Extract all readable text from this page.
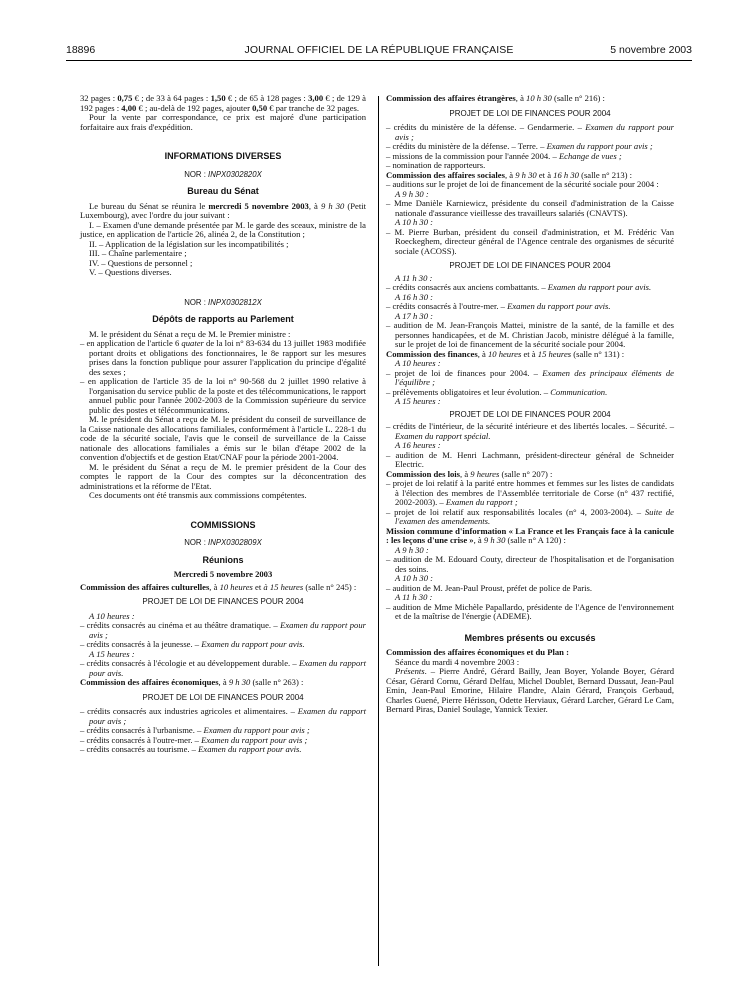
18896	JOURNAL OFFICIEL DE LA RÉPUBLIQUE FRANÇAISE	5 novembre 2003

32 pages : 0,75 € ; de 33 à 64 pages : 1,50 € ; de 65 à 128 pages : 3,00 € ; de 129 à 192 pages : 4,00 € ; au-delà de 192 pages, ajouter 0,50 € par tranche de 32 pages.

Pour la vente par correspondance, ce prix est majoré d'une participation forfaitaire aux frais d'expédition.

INFORMATIONS DIVERSES

NOR : INPX0302820X

Bureau du Sénat

Le bureau du Sénat se réunira le mercredi 5 novembre 2003, à 9 h 30 (Petit Luxembourg), avec l'ordre du jour suivant :

I. – Examen d'une demande présentée par M. le garde des sceaux, ministre de la justice, en application de l'article 26, alinéa 2, de la Constitution ;

II. – Application de la législation sur les incompatibilités ;

III. – Chaîne parlementaire ;

IV. – Questions de personnel ;

V. – Questions diverses.

NOR : INPX0302812X

Dépôts de rapports au Parlement

M. le président du Sénat a reçu de M. le Premier ministre :

– en application de l'article 6 quater de la loi n° 83-634 du 13 juillet 1983 modifiée portant droits et obligations des fonctionnaires, le 8e rapport sur les mesures prises dans la fonction publique pour assurer l'application du principe d'égalité des sexes ;

– en application de l'article 35 de la loi n° 90-568 du 2 juillet 1990 relative à l'organisation du service public de la poste et des télécommunications, le rapport annuel public pour l'année 2002-2003 de la Commission supérieure du service public des postes et télécommunications.

M. le président du Sénat a reçu de M. le président du conseil de surveillance de la Caisse nationale des allocations familiales, conformément à l'article L. 228-1 du code de la sécurité sociale, l'avis que le conseil de surveillance de la Caisse nationale des allocations familiales a émis sur le bilan d'étape 2002 de la convention d'objectifs et de gestion Etat/CNAF pour la période 2001-2004.

M. le président du Sénat a reçu de M. le premier président de la Cour des comptes le rapport de la Cour des comptes sur la déconcentration des administrations et la réforme de l'Etat.

Ces documents ont été transmis aux commissions compétentes.

COMMISSIONS

NOR : INPX0302809X

Réunions

Mercredi 5 novembre 2003

Commission des affaires culturelles, à 10 heures et à 15 heures (salle n° 245) :

PROJET DE LOI DE FINANCES POUR 2004

A 10 heures :

– crédits consacrés au cinéma et au théâtre dramatique. – Examen du rapport pour avis ;

– crédits consacrés à la jeunesse. – Examen du rapport pour avis.

A 15 heures :

– crédits consacrés à l'écologie et au développement durable. – Examen du rapport pour avis.

Commission des affaires économiques, à 9 h 30 (salle n° 263) :

PROJET DE LOI DE FINANCES POUR 2004

– crédits consacrés aux industries agricoles et alimentaires. – Examen du rapport pour avis ;

– crédits consacrés à l'urbanisme. – Examen du rapport pour avis ;

– crédits consacrés à l'outre-mer. – Examen du rapport pour avis ;

– crédits consacrés au tourisme. – Examen du rapport pour avis.

Commission des affaires étrangères, à 10 h 30 (salle n° 216) :

PROJET DE LOI DE FINANCES POUR 2004

– crédits du ministère de la défense. – Gendarmerie. – Examen du rapport pour avis ;

– crédits du ministère de la défense. – Terre. – Examen du rapport pour avis ;

– missions de la commission pour l'année 2004. – Echange de vues ;

– nomination de rapporteurs.

Commission des affaires sociales, à 9 h 30 et à 16 h 30 (salle n° 213) :

– auditions sur le projet de loi de financement de la sécurité sociale pour 2004 :

A 9 h 30 :

– Mme Danièle Karniewicz, présidente du conseil d'administration de la Caisse nationale d'assurance vieillesse des travailleurs salariés (CNAVTS).

A 10 h 30 :

– M. Pierre Burban, président du conseil d'administration, et M. Frédéric Van Roeckeghem, directeur général de l'Agence centrale des organismes de sécurité sociale (ACOSS).

PROJET DE LOI DE FINANCES POUR 2004

A 11 h 30 :

– crédits consacrés aux anciens combattants. – Examen du rapport pour avis.

A 16 h 30 :

– crédits consacrés à l'outre-mer. – Examen du rapport pour avis.

A 17 h 30 :

– audition de M. Jean-François Mattei, ministre de la santé, de la famille et des personnes handicapées, et de M. Christian Jacob, ministre délégué à la famille, sur le projet de loi de financement de la sécurité sociale pour 2004.

Commission des finances, à 10 heures et à 15 heures (salle n° 131) :

A 10 heures :

– projet de loi de finances pour 2004. – Examen des principaux éléments de l'équilibre ;

– prélèvements obligatoires et leur évolution. – Communication.

A 15 heures :

PROJET DE LOI DE FINANCES POUR 2004

– crédits de l'intérieur, de la sécurité intérieure et des libertés locales. – Sécurité. – Examen du rapport spécial.

A 16 heures :

– audition de M. Henri Lachmann, président-directeur général de Schneider Electric.

Commission des lois, à 9 heures (salle n° 207) :

– projet de loi relatif à la parité entre hommes et femmes sur les listes de candidats à l'élection des membres de l'Assemblée territoriale de Corse (n° 437 rectifié, 2002-2003). – Examen du rapport ;

– projet de loi relatif aux responsabilités locales (n° 4, 2003-2004). – Suite de l'examen des amendements.

Mission commune d'information « La France et les Français face à la canicule : les leçons d'une crise », à 9 h 30 (salle n° A 120) :

A 9 h 30 :

– audition de M. Edouard Couty, directeur de l'hospitalisation et de l'organisation des soins.

A 10 h 30 :

– audition de M. Jean-Paul Proust, préfet de police de Paris.

A 11 h 30 :

– audition de Mme Michèle Papallardo, présidente de l'Agence de l'environnement et de la maîtrise de l'énergie (ADEME).

Membres présents ou excusés

Commission des affaires économiques et du Plan :

Séance du mardi 4 novembre 2003 :

Présents. – Pierre André, Gérard Bailly, Jean Boyer, Yolande Boyer, Gérard César, Gérard Cornu, Gérard Delfau, Michel Doublet, Bernard Dussaut, Jean-Paul Emin, Jean-Paul Emorine, Hilaire Flandre, Alain Gérard, François Gerbaud, Charles Guené, Pierre Hérisson, Odette Herviaux, Gérard Larcher, Gérard Le Cam, Bernard Piras, Daniel Soulage, Yannick Texier.
